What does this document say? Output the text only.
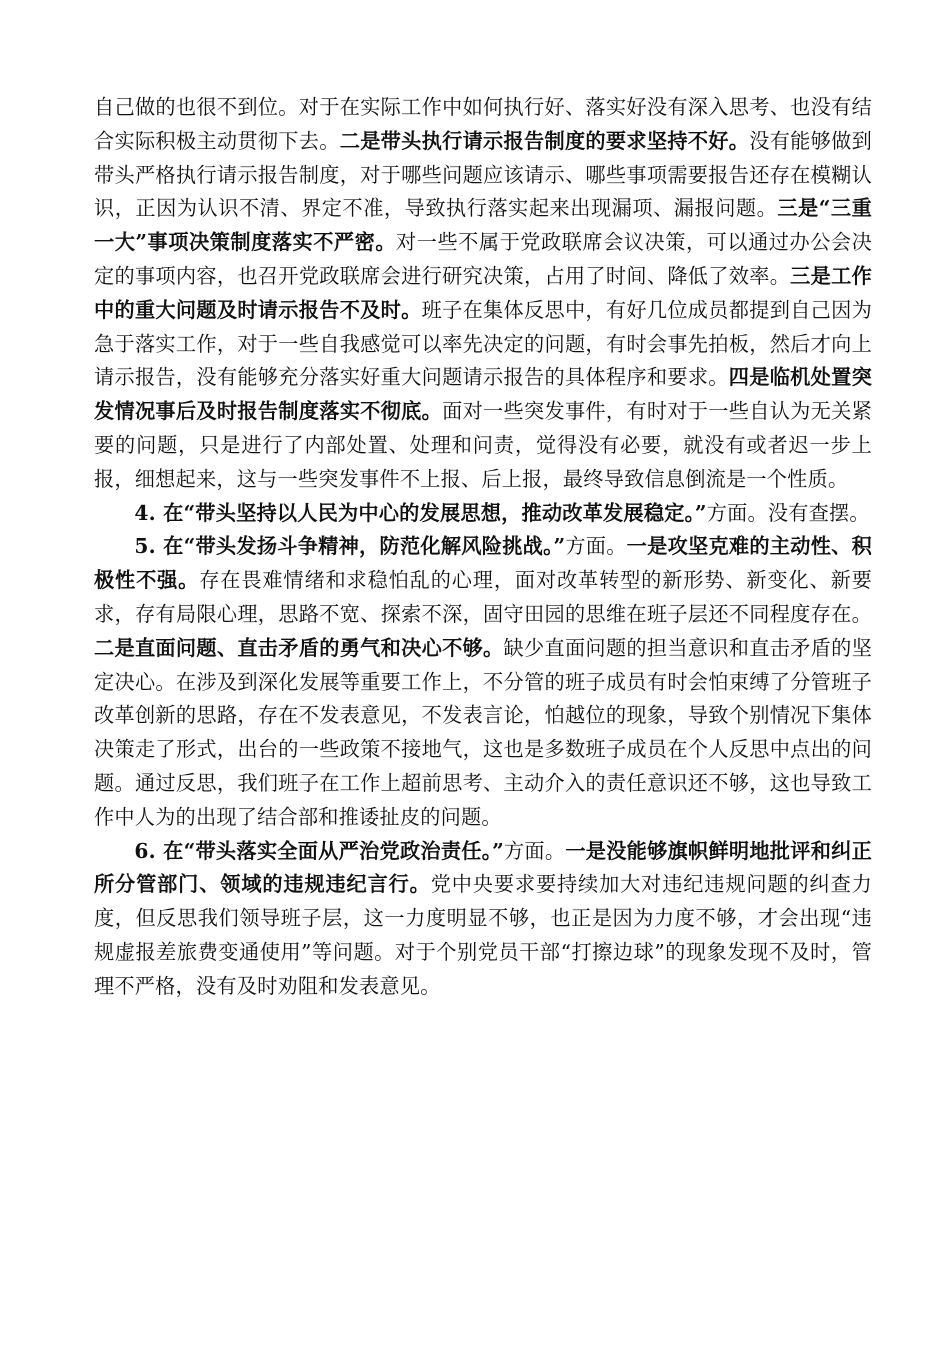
自己做的也很不到位。对于在实际工作中如何执行好、落实好没有深入思考、也没有结合实际积极主动贯彻下去。二是带头执行请示报告制度的要求坚持不好。没有能够做到带头严格执行请示报告制度，对于哪些问题应该请示、哪些事项需要报告还存在模糊认识，正因为认识不清、界定不准，导致执行落实起来出现漏项、漏报问题。三是“三重一大”事项决策制度落实不严密。对一些不属于党政联席会议决策，可以通过办公会决定的事项内容，也召开党政联席会进行研究决策，占用了时间、降低了效率。三是工作中的重大问题及时请示报告不及时。班子在集体反思中，有好几位成员都提到自己因为急于落实工作，对于一些自我感觉可以率先决定的问题，有时会事先拍板，然后才向上请示报告，没有能够充分落实好重大问题请示报告的具体程序和要求。四是临机处置突发情况事后及时报告制度落实不彻底。面对一些突发事件，有时对于一些自认为无关紧要的问题，只是进行了内部处置、处理和问责，觉得没有必要，就没有或者迟一步上报，细想起来，这与一些突发事件不上报、后上报，最终导致信息倒流是一个性质。

4. 在“带头坚持以人民为中心的发展思想，推动改革发展稳定。”方面。没有查摆。

5. 在“带头发扬斗争精神，防范化解风险挑战。”方面。一是攻坚克难的主动性、积极性不强。存在畏难情绪和求稳怕乱的心理，面对改革转型的新形势、新变化、新要求，存有局限心理，思路不宽、探索不深，固守田园的思维在班子层还不同程度存在。二是直面问题、直击矛盾的勇气和决心不够。缺少直面问题的担当意识和直击矛盾的坚定决心。在涉及到深化发展等重要工作上，不分管的班子成员有时会怕束缚了分管班子改革创新的思路，存在不发表意见，不发表言论，怕越位的现象，导致个别情况下集体决策走了形式，出台的一些政策不接地气，这也是多数班子成员在个人反思中点出的问题。通过反思，我们班子在工作上超前思考、主动介入的责任意识还不够，这也导致工作中人为的出现了结合部和推诿扯皮的问题。

6. 在“带头落实全面从严治党政治责任。”方面。一是没能够旗帜鲜明地批评和纠正所分管部门、领域的违规违纪言行。党中央要求要持续加大对违纪违规问题的纠查力度，但反思我们领导班子层，这一力度明显不够，也正是因为力度不够，才会出现“违规虚报差旅费变通使用”等问题。对于个别党员干部“打擦边球”的现象发现不及时，管理不严格，没有及时劝阻和发表意见。
